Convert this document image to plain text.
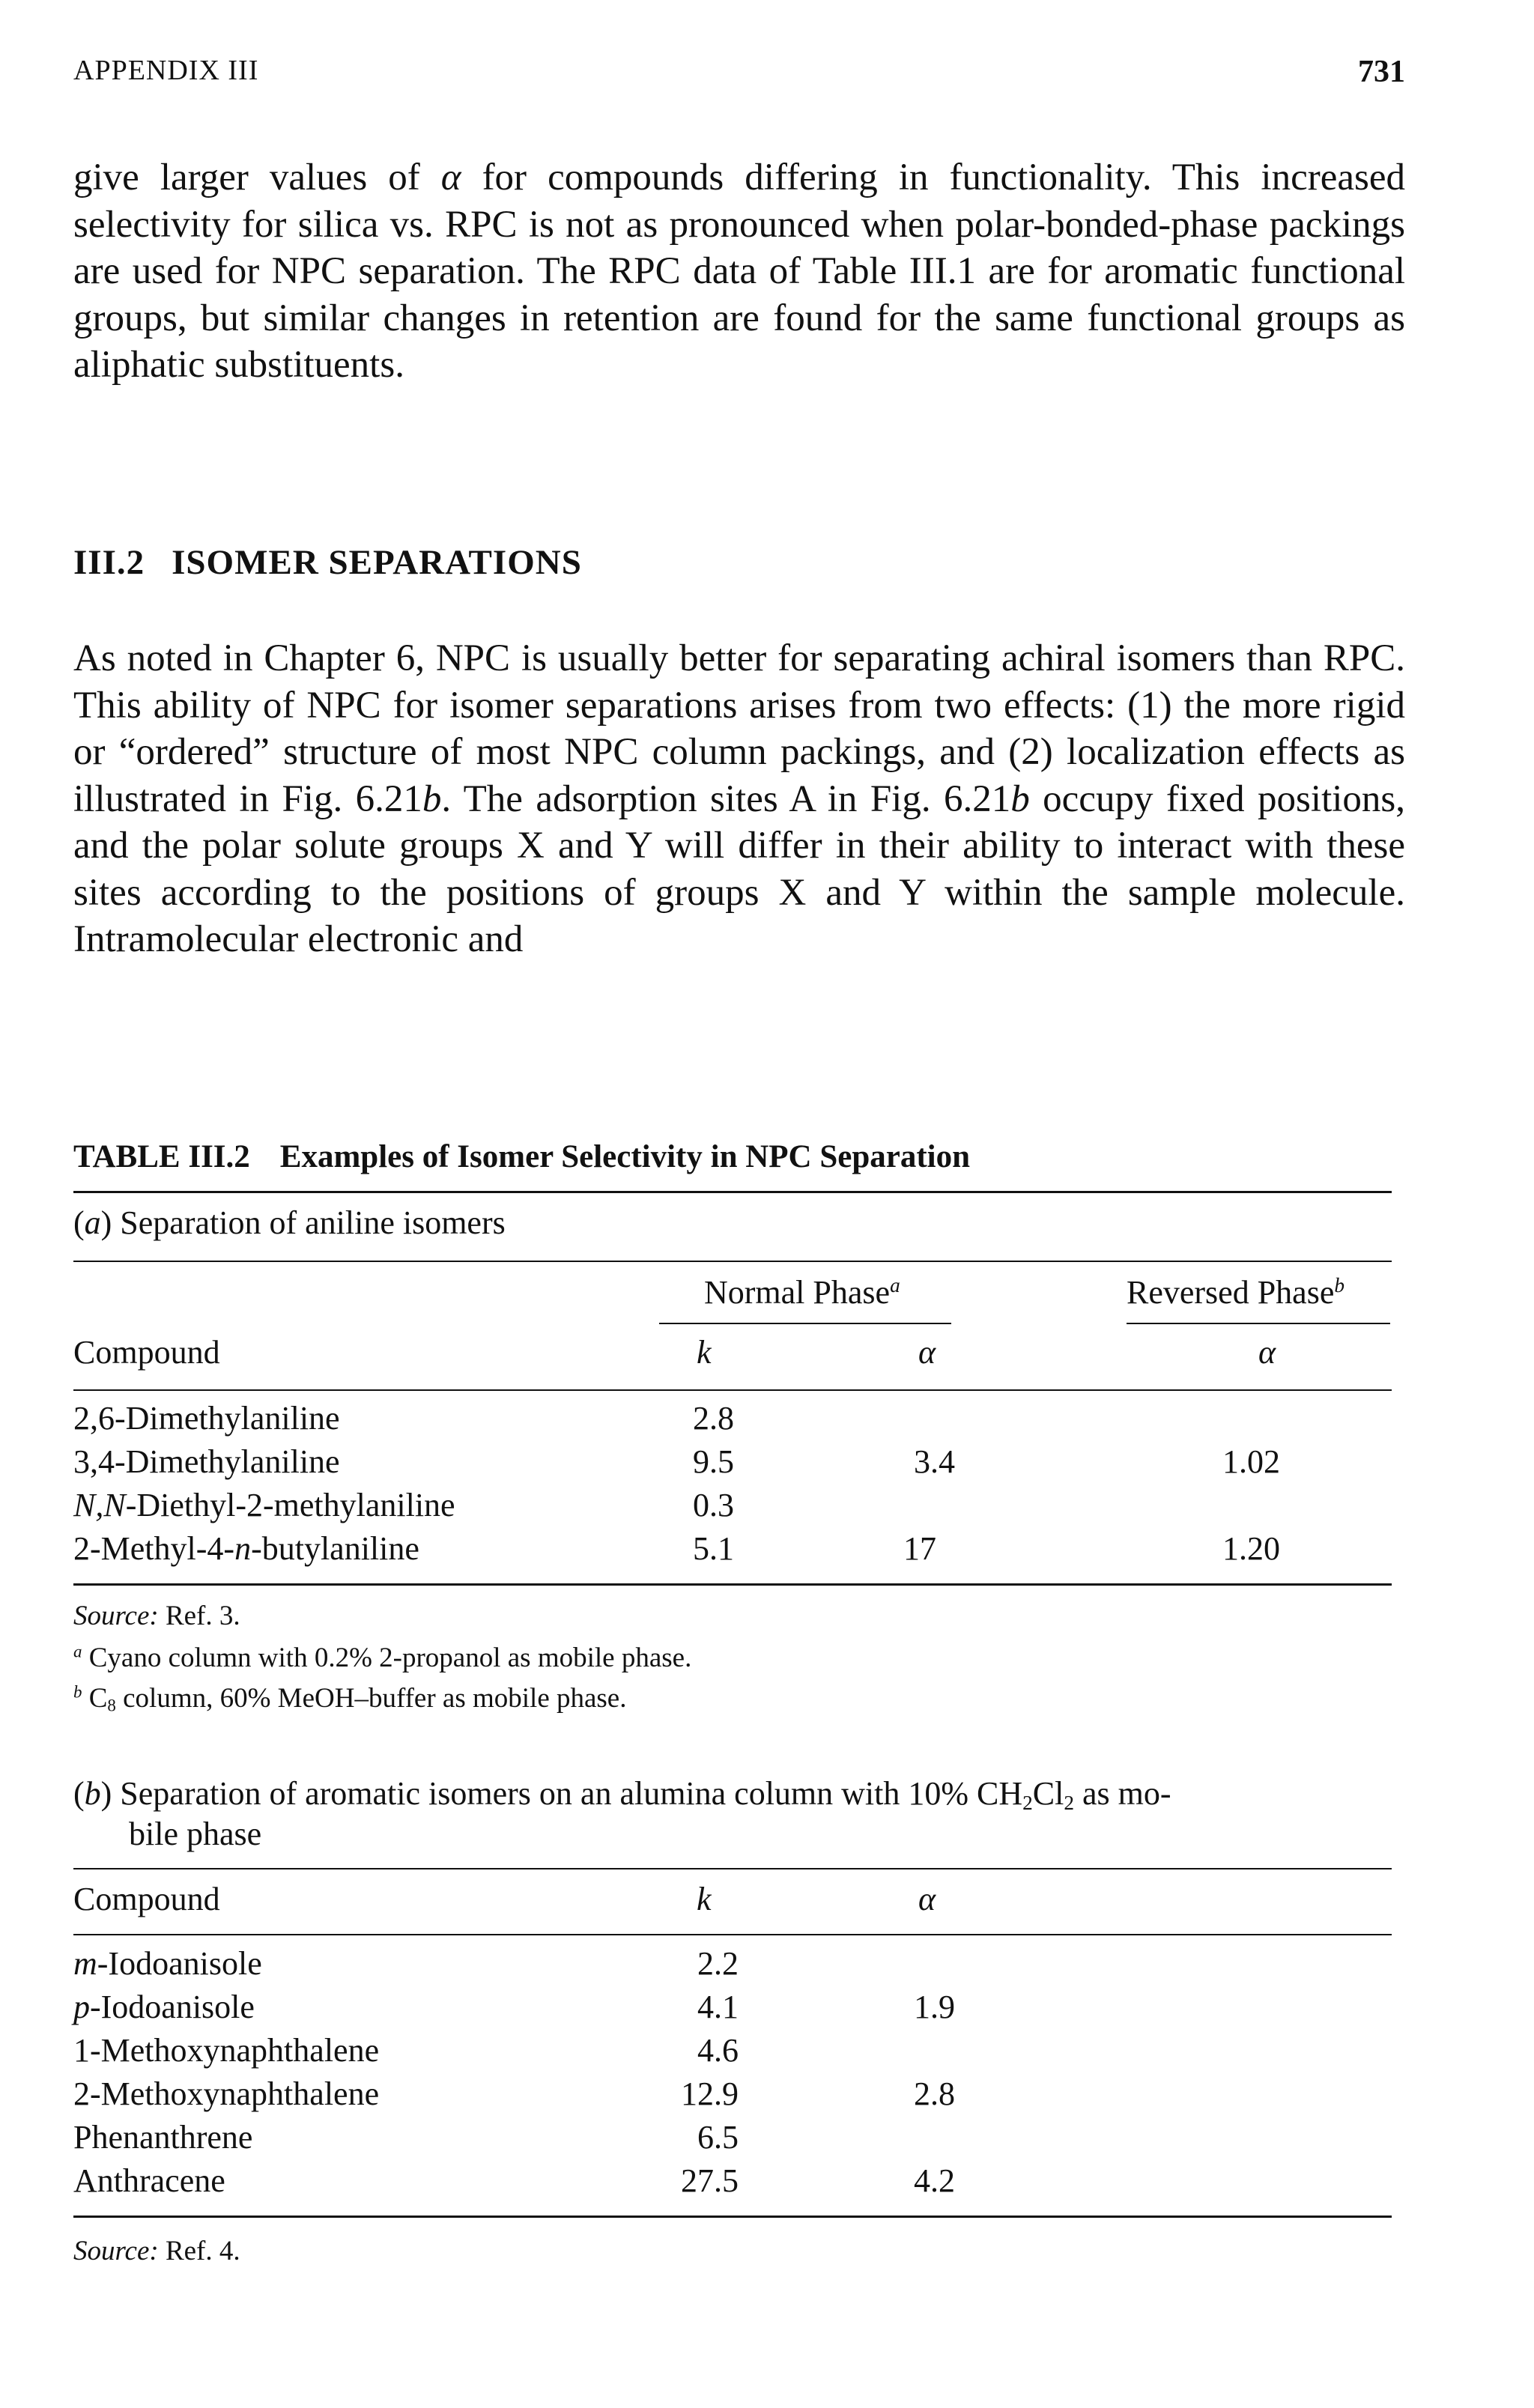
APPENDIX III	731

give larger values of α for compounds differing in functionality. This increased selectivity for silica vs. RPC is not as pronounced when polar-bonded-phase packings are used for NPC separation. The RPC data of Table III.1 are for aromatic functional groups, but similar changes in retention are found for the same functional groups as aliphatic substituents.

III.2 ISOMER SEPARATIONS

As noted in Chapter 6, NPC is usually better for separating achiral isomers than RPC. This ability of NPC for isomer separations arises from two effects: (1) the more rigid or “ordered” structure of most NPC column packings, and (2) localization effects as illustrated in Fig. 6.21b. The adsorption sites A in Fig. 6.21b occupy fixed positions, and the polar solute groups X and Y will differ in their ability to interact with these sites according to the positions of groups X and Y within the sample molecule. Intramolecular electronic and

TABLE III.2 Examples of Isomer Selectivity in NPC Separation
(a) Separation of aniline isomers
Normal Phase$^a$	Reversed Phase$^b$
Compound	k	α	α
2,6-Dimethylaniline	2.8
3,4-Dimethylaniline	9.5	3.4	1.02
N,N-Diethyl-2-methylaniline	0.3
2-Methyl-4-n-butylaniline	5.1	17	1.20
Source: Ref. 3.
$^a$ Cyano column with 0.2% 2-propanol as mobile phase.
$^b$ $C_8$ column, 60% MeOH–buffer as mobile phase.
(b) Separation of aromatic isomers on an alumina column with 10% $CH_2Cl_2$ as mo-
bile phase
Compound	k	α
m-Iodoanisole	2.2
p-Iodoanisole	4.1	1.9
1-Methoxynaphthalene	4.6
2-Methoxynaphthalene	12.9	2.8
Phenanthrene	6.5
Anthracene	27.5	4.2
Source: Ref. 4.
